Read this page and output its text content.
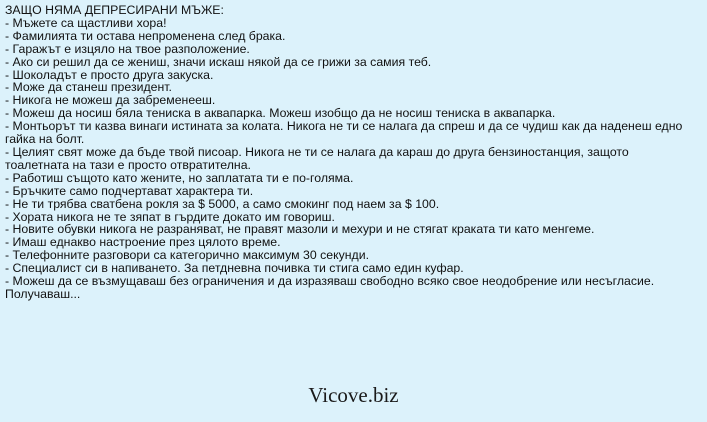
ЗАЩО НЯМА ДЕПРЕСИРАНИ МЪЖЕ:
- Мъжете са щастливи хора!
- Фамилията ти остава непроменена след брака.
- Гаражът е изцяло на твое разположение.
- Ако си решил да се жениш, значи искаш някой да се грижи за самия теб.
- Шоколадът е просто друга закуска.
- Може да станеш президент.
- Никога не можеш да забременееш.
- Можеш да носиш бяла тениска в аквапарка. Можеш изобщо да не носиш тениска в аквапарка.
- Монтьорът ти казва винаги истината за колата. Никога не ти се налага да спреш и да се чудиш как да наденеш едно гайка на болт.
- Целият свят може да бъде твой писоар. Никога не ти се налага да караш до друга бензиностанция, защото тоалетната на тази е просто отвратителна.
- Работиш същото като жените, но заплатата ти е по-голяма.
- Бръчките само подчертават характера ти.
- Не ти трябва сватбена рокля за $ 5000, а само смокинг под наем за $ 100.
- Хората никога не те зяпат в гърдите докато им говориш.
- Новите обувки никога не разраняват, не правят мазоли и мехури и не стягат краката ти като менгеме.
- Имаш еднакво настроение през цялото време.
- Телефонните разговори са категорично максимум 30 секунди.
- Специалист си в напиването. За петдневна почивка ти стига само един куфар.
- Можеш да се възмущаваш без ограничения и да изразяваш свободно всяко свое неодобрение или несъгласие. Получаваш...
Vicove.biz
